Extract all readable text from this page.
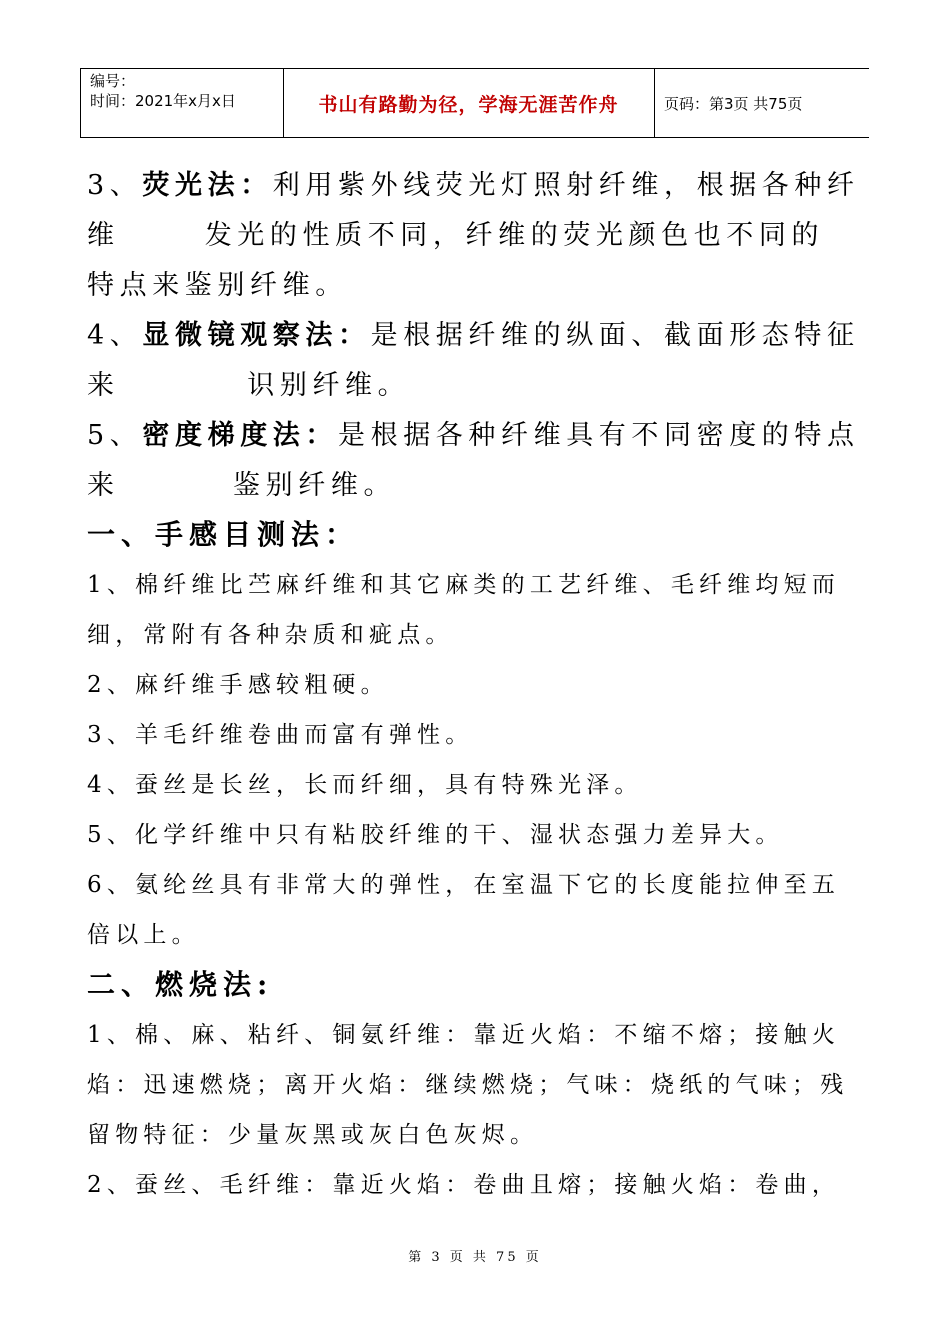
编号：
时间：2021年x月x日	书山有路勤为径，学海无涯苦作舟	页码：第3页 共75页
3、荧光法：利用紫外线荧光灯照射纤维，根据各种纤
维      发光的性质不同，纤维的荧光颜色也不同的
特点来鉴别纤维。
4、显微镜观察法：是根据纤维的纵面、截面形态特征
来         识别纤维。
5、密度梯度法：是根据各种纤维具有不同密度的特点
来        鉴别纤维。
一、手感目测法：
1、棉纤维比苎麻纤维和其它麻类的工艺纤维、毛纤维均短而
细，常附有各种杂质和疵点。
2、麻纤维手感较粗硬。
3、羊毛纤维卷曲而富有弹性。
4、蚕丝是长丝，长而纤细，具有特殊光泽。
5、化学纤维中只有粘胶纤维的干、湿状态强力差异大。
6、氨纶丝具有非常大的弹性，在室温下它的长度能拉伸至五
倍以上。
二、燃烧法:
1、棉、麻、粘纤、铜氨纤维：靠近火焰：不缩不熔；接触火
焰：迅速燃烧；离开火焰：继续燃烧；气味：烧纸的气味；残
留物特征：少量灰黑或灰白色灰烬。
2、蚕丝、毛纤维：靠近火焰：卷曲且熔；接触火焰：卷曲，
第 3 页 共 75 页
